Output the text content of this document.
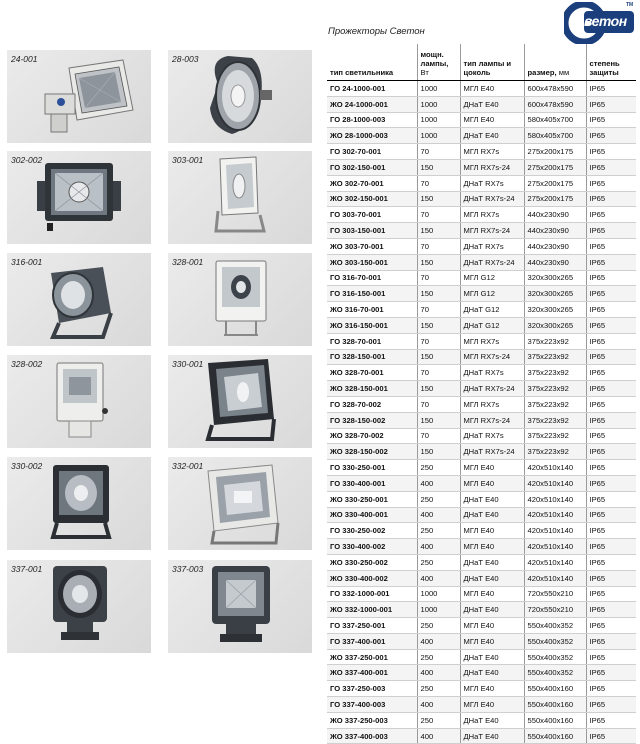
24-001	28-003
302-002	303-001
316-001	328-001
328-002	330-001
330-002	332-001
337-001	337-003
Прожекторы Светон
ветон
TM
тип светильника	мощн. лампы, Вт	тип лампы и цоколь	размер, мм	степень защиты
ГО 24-1000-001	1000	МГЛ E40	600x478x590	IP65
ЖО 24-1000-001	1000	ДНаТ E40	600x478x590	IP65
ГО 28-1000-003	1000	МГЛ E40	580x405x700	IP65
ЖО 28-1000-003	1000	ДНаТ E40	580x405x700	IP65
ГО 302-70-001	70	МГЛ RX7s	275x200x175	IP65
ГО 302-150-001	150	МГЛ RX7s-24	275x200x175	IP65
ЖО 302-70-001	70	ДНаТ RX7s	275x200x175	IP65
ЖО 302-150-001	150	ДНаТ RX7s-24	275x200x175	IP65
ГО 303-70-001	70	МГЛ RX7s	440x230x90	IP65
ГО 303-150-001	150	МГЛ RX7s-24	440x230x90	IP65
ЖО 303-70-001	70	ДНаТ RX7s	440x230x90	IP65
ЖО 303-150-001	150	ДНаТ RX7s-24	440x230x90	IP65
ГО 316-70-001	70	МГЛ G12	320x300x265	IP65
ГО 316-150-001	150	МГЛ G12	320x300x265	IP65
ЖО 316-70-001	70	ДНаТ G12	320x300x265	IP65
ЖО 316-150-001	150	ДНаТ G12	320x300x265	IP65
ГО 328-70-001	70	МГЛ RX7s	375x223x92	IP65
ГО 328-150-001	150	МГЛ RX7s-24	375x223x92	IP65
ЖО 328-70-001	70	ДНаТ RX7s	375x223x92	IP65
ЖО 328-150-001	150	ДНаТ RX7s-24	375x223x92	IP65
ГО 328-70-002	70	МГЛ RX7s	375x223x92	IP65
ГО 328-150-002	150	МГЛ RX7s-24	375x223x92	IP65
ЖО 328-70-002	70	ДНаТ RX7s	375x223x92	IP65
ЖО 328-150-002	150	ДНаТ RX7s-24	375x223x92	IP65
ГО 330-250-001	250	МГЛ E40	420x510x140	IP65
ГО 330-400-001	400	МГЛ E40	420x510x140	IP65
ЖО 330-250-001	250	ДНаТ E40	420x510x140	IP65
ЖО 330-400-001	400	ДНаТ E40	420x510x140	IP65
ГО 330-250-002	250	МГЛ E40	420x510x140	IP65
ГО 330-400-002	400	МГЛ E40	420x510x140	IP65
ЖО 330-250-002	250	ДНаТ E40	420x510x140	IP65
ЖО 330-400-002	400	ДНаТ E40	420x510x140	IP65
ГО 332-1000-001	1000	МГЛ E40	720x550x210	IP65
ЖО 332-1000-001	1000	ДНаТ E40	720x550x210	IP65
ГО 337-250-001	250	МГЛ E40	550x400x352	IP65
ГО 337-400-001	400	МГЛ E40	550x400x352	IP65
ЖО 337-250-001	250	ДНаТ E40	550x400x352	IP65
ЖО 337-400-001	400	ДНаТ E40	550x400x352	IP65
ГО 337-250-003	250	МГЛ E40	550x400x160	IP65
ГО 337-400-003	400	МГЛ E40	550x400x160	IP65
ЖО 337-250-003	250	ДНаТ E40	550x400x160	IP65
ЖО 337-400-003	400	ДНаТ E40	550x400x160	IP65
